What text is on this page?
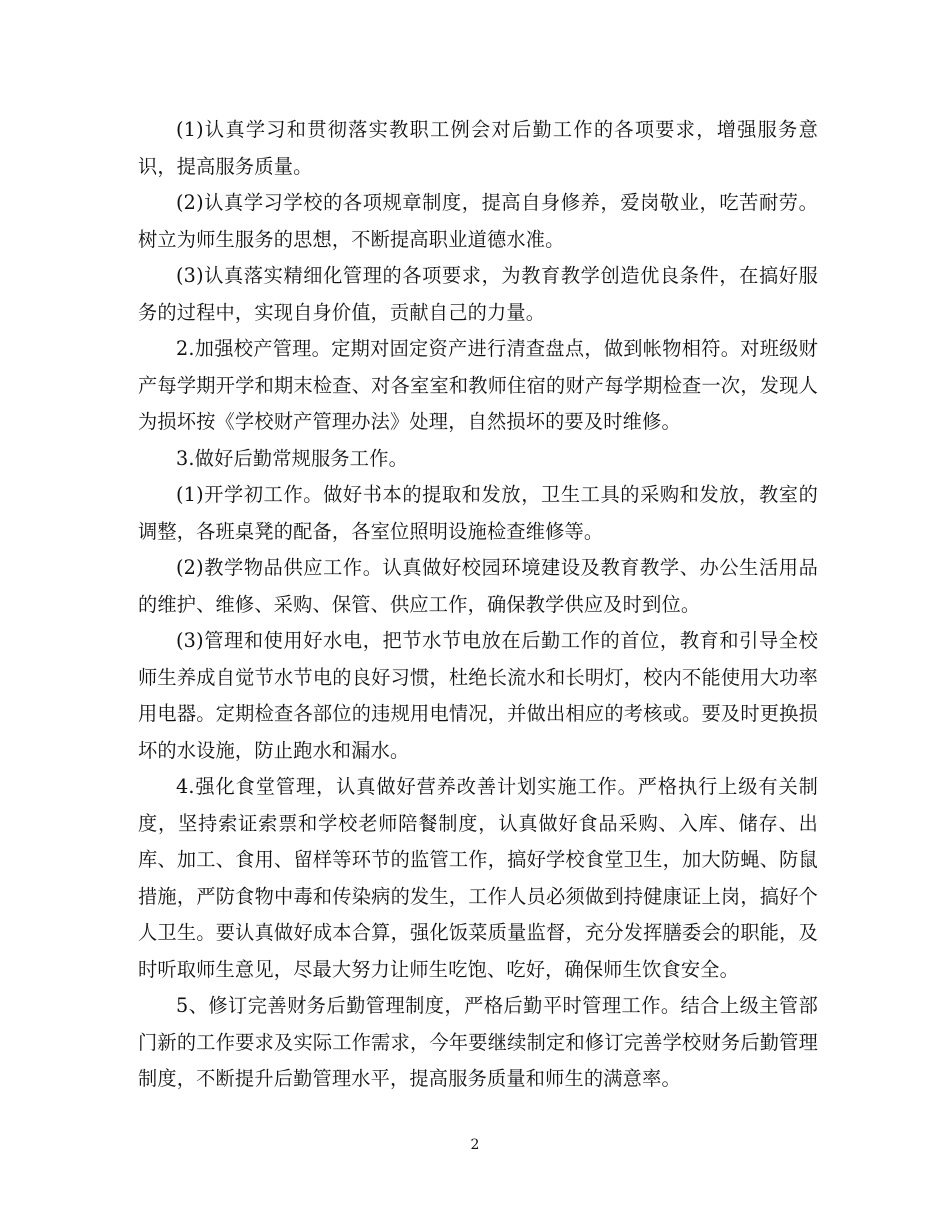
(1)认真学习和贯彻落实教职工例会对后勤工作的各项要求，增强服务意识，提高服务质量。

(2)认真学习学校的各项规章制度，提高自身修养，爱岗敬业，吃苦耐劳。树立为师生服务的思想，不断提高职业道德水准。

(3)认真落实精细化管理的各项要求，为教育教学创造优良条件，在搞好服务的过程中，实现自身价值，贡献自己的力量。

2.加强校产管理。定期对固定资产进行清查盘点，做到帐物相符。对班级财产每学期开学和期末检查、对各室室和教师住宿的财产每学期检查一次，发现人为损坏按《学校财产管理办法》处理，自然损坏的要及时维修。

3.做好后勤常规服务工作。

(1)开学初工作。做好书本的提取和发放，卫生工具的采购和发放，教室的调整，各班桌凳的配备，各室位照明设施检查维修等。

(2)教学物品供应工作。认真做好校园环境建设及教育教学、办公生活用品的维护、维修、采购、保管、供应工作，确保教学供应及时到位。

(3)管理和使用好水电，把节水节电放在后勤工作的首位，教育和引导全校师生养成自觉节水节电的良好习惯，杜绝长流水和长明灯，校内不能使用大功率用电器。定期检查各部位的违规用电情况，并做出相应的考核或。要及时更换损坏的水设施，防止跑水和漏水。

4.强化食堂管理，认真做好营养改善计划实施工作。严格执行上级有关制度，坚持索证索票和学校老师陪餐制度，认真做好食品采购、入库、储存、出库、加工、食用、留样等环节的监管工作，搞好学校食堂卫生，加大防蝇、防鼠措施，严防食物中毒和传染病的发生，工作人员必须做到持健康证上岗，搞好个人卫生。要认真做好成本合算，强化饭菜质量监督，充分发挥膳委会的职能，及时听取师生意见，尽最大努力让师生吃饱、吃好，确保师生饮食安全。

5、修订完善财务后勤管理制度，严格后勤平时管理工作。结合上级主管部门新的工作要求及实际工作需求，今年要继续制定和修订完善学校财务后勤管理制度，不断提升后勤管理水平，提高服务质量和师生的满意率。

2
